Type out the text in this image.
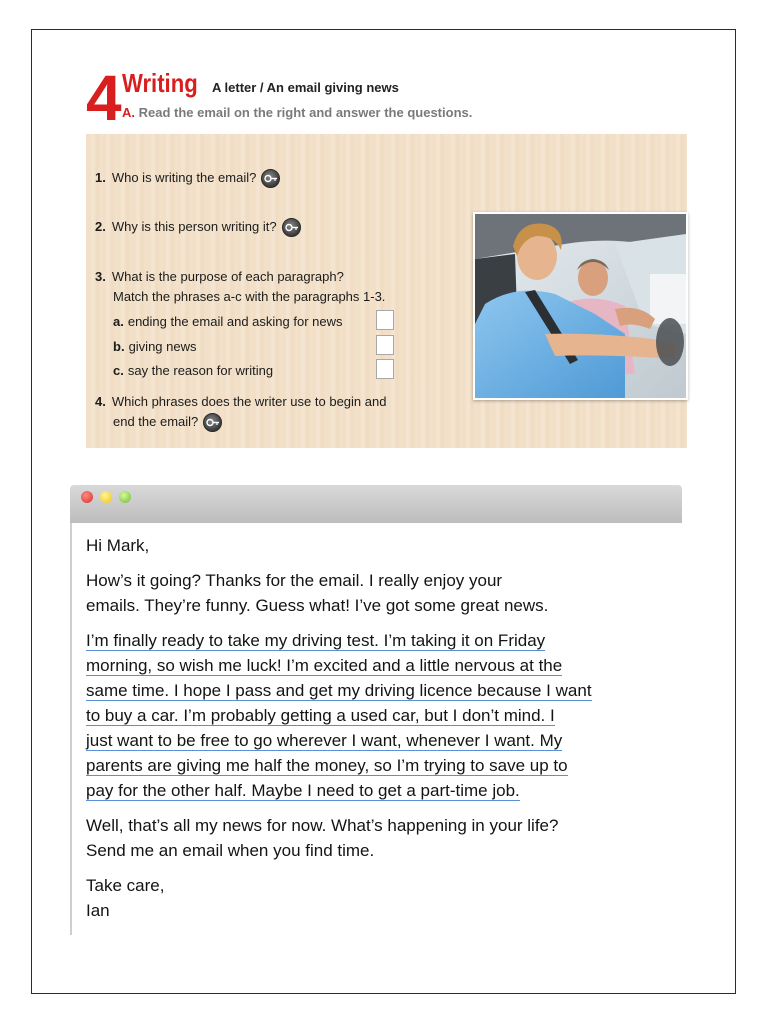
4 Writing A letter / An email giving news
A. Read the email on the right and answer the questions.
1. Who is writing the email?
2. Why is this person writing it?
3. What is the purpose of each paragraph?
Match the phrases a-c with the paragraphs 1-3.
a. ending the email and asking for news
b. giving news
c. say the reason for writing
4. Which phrases does the writer use to begin and
end the email?

Hi Mark,

How’s it going? Thanks for the email. I really enjoy your
emails. They’re funny. Guess what! I’ve got some great news.

I’m finally ready to take my driving test. I’m taking it on Friday
morning, so wish me luck! I’m excited and a little nervous at the
same time. I hope I pass and get my driving licence because I want
to buy a car. I’m probably getting a used car, but I don’t mind. I
just want to be free to go wherever I want, whenever I want. My
parents are giving me half the money, so I’m trying to save up to
pay for the other half. Maybe I need to get a part-time job.

Well, that’s all my news for now. What’s happening in your life?
Send me an email when you find time.

Take care,
Ian
